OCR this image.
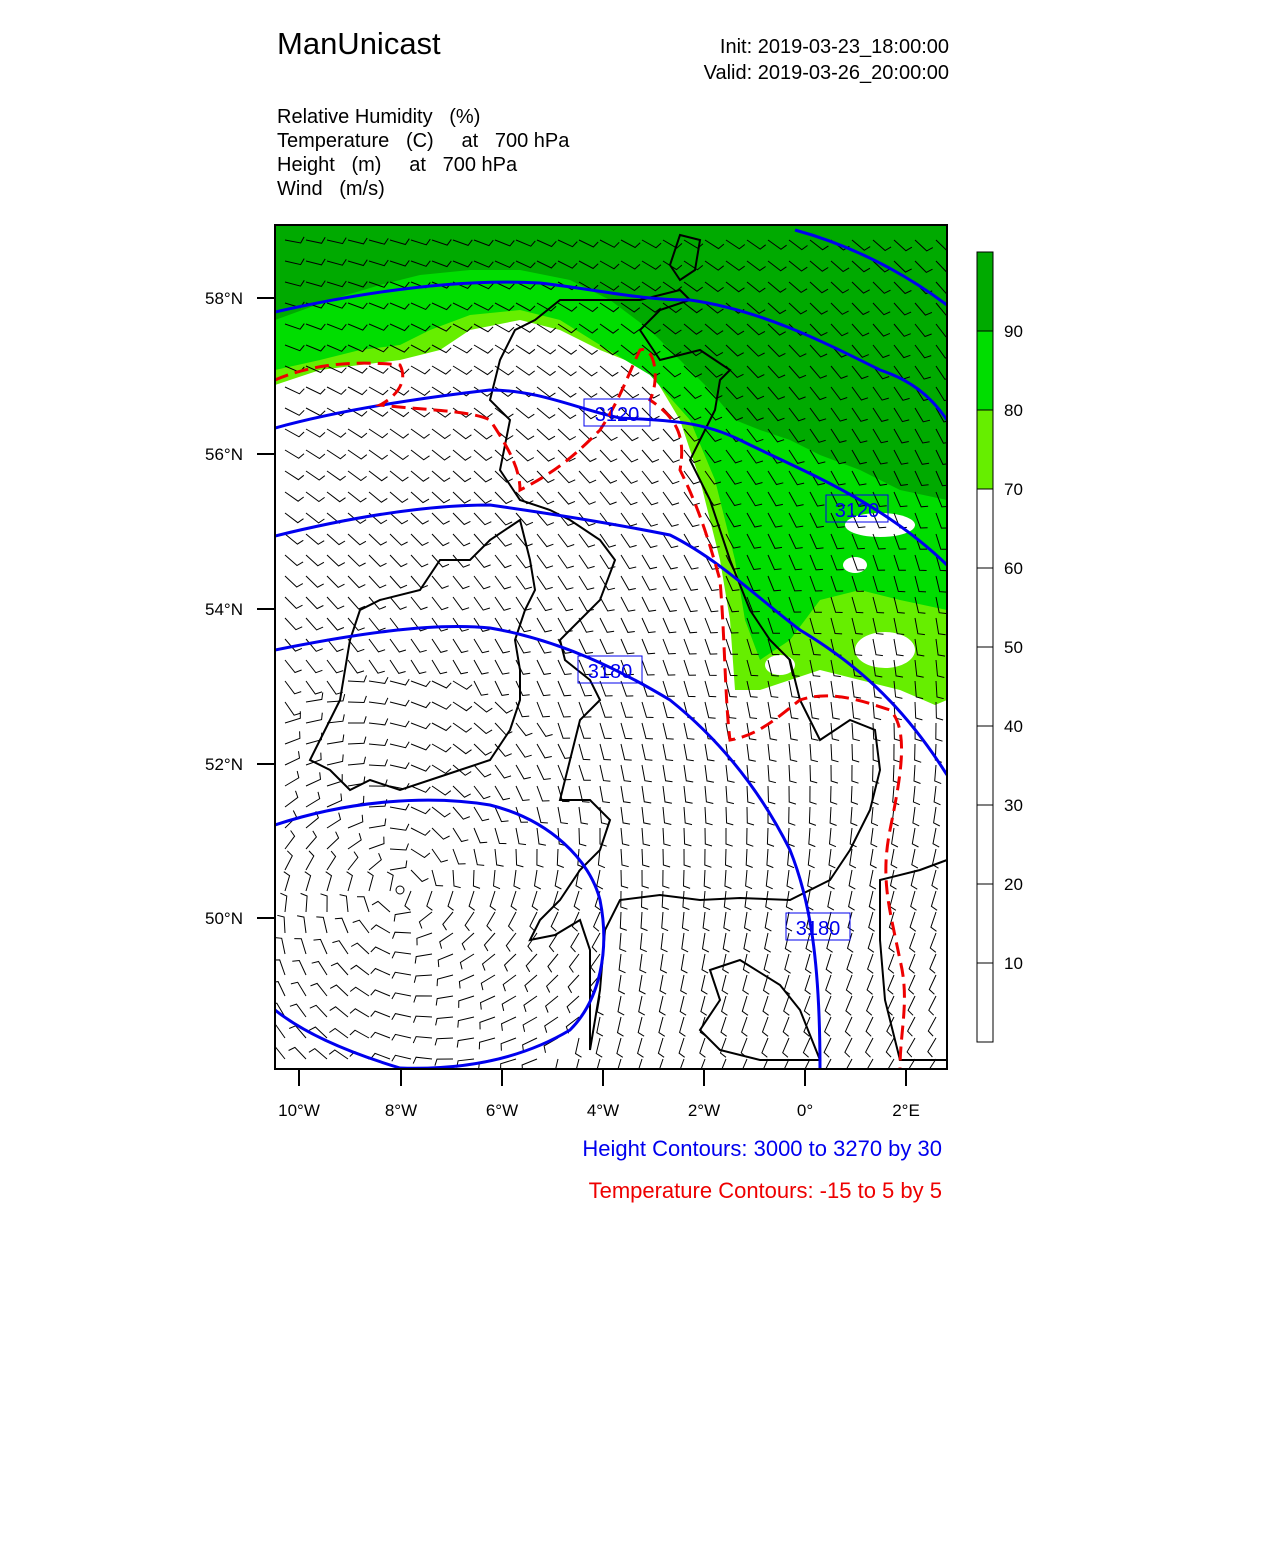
ManUnicast	Init: 2019-03-23_18:00:00
Valid: 2019-03-26_20:00:00
Relative Humidity   (%)
Temperature   (C)     at   700 hPa
Height   (m)     at   700 hPa
Wind   (m/s)
3120
3120
3180
3180
58°N
56°N
54°N
52°N
50°N
10°W	8°W	6°W	4°W	2°W	0°	2°E
90
80
70
60
50
40
30
20
10
Height Contours: 3000 to 3270 by 30
Temperature Contours: -15 to 5 by 5
